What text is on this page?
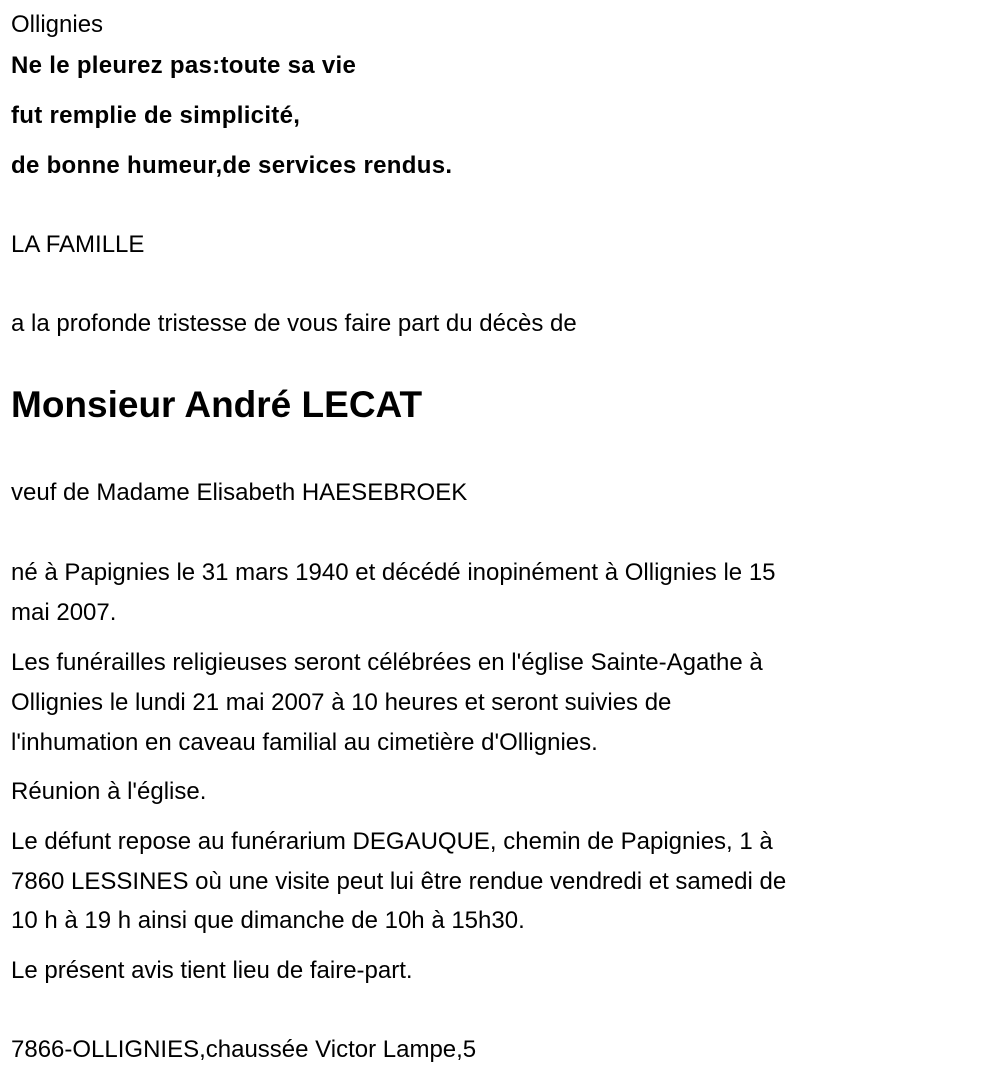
Ollignies
Ne le pleurez pas:toute sa vie
fut remplie de simplicité,
de bonne humeur,de services rendus.
LA FAMILLE
a la profonde tristesse de vous faire part du décès de
Monsieur André LECAT
veuf de Madame Elisabeth HAESEBROEK
né à Papignies le 31 mars 1940 et décédé inopinément à Ollignies le 15
mai 2007.
Les funérailles religieuses seront célébrées en l'église Sainte-Agathe à
Ollignies le lundi 21 mai 2007 à 10 heures et seront suivies de
l'inhumation en caveau familial au cimetière d'Ollignies.
Réunion à l'église.
Le défunt repose au funérarium DEGAUQUE, chemin de Papignies, 1 à
7860 LESSINES où une visite peut lui être rendue vendredi et samedi de
10 h à 19 h ainsi que dimanche de 10h à 15h30.
Le présent avis tient lieu de faire-part.
7866-OLLIGNIES,chaussée Victor Lampe,5
